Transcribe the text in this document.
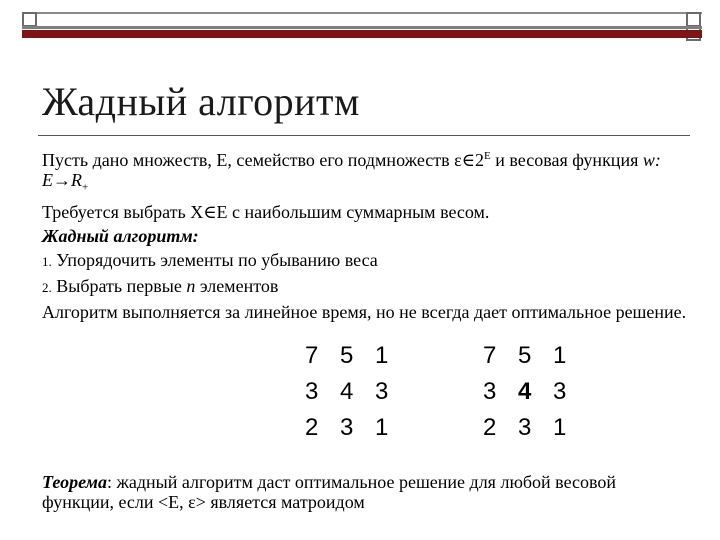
Жадный алгоритм

Пусть дано множеств, E, семейство его подмножеств $\varepsilon\in 2^E$ и весовая функция w: $E\to R_+$

Требуется выбрать X∈E с наибольшим суммарным весом.

Жадный алгоритм:

1. Упорядочить элементы по убыванию веса

2. Выбрать первые n элементов

Алгоритм выполняется за линейное время, но не всегда дает оптимальное решение.

7 5 1
3 4 3
2 3 1
7 5 1
3 4 3
2 3 1

Теорема: жадный алгоритм даст оптимальное решение для любой весовой функции, если <E, ε> является матроидом
